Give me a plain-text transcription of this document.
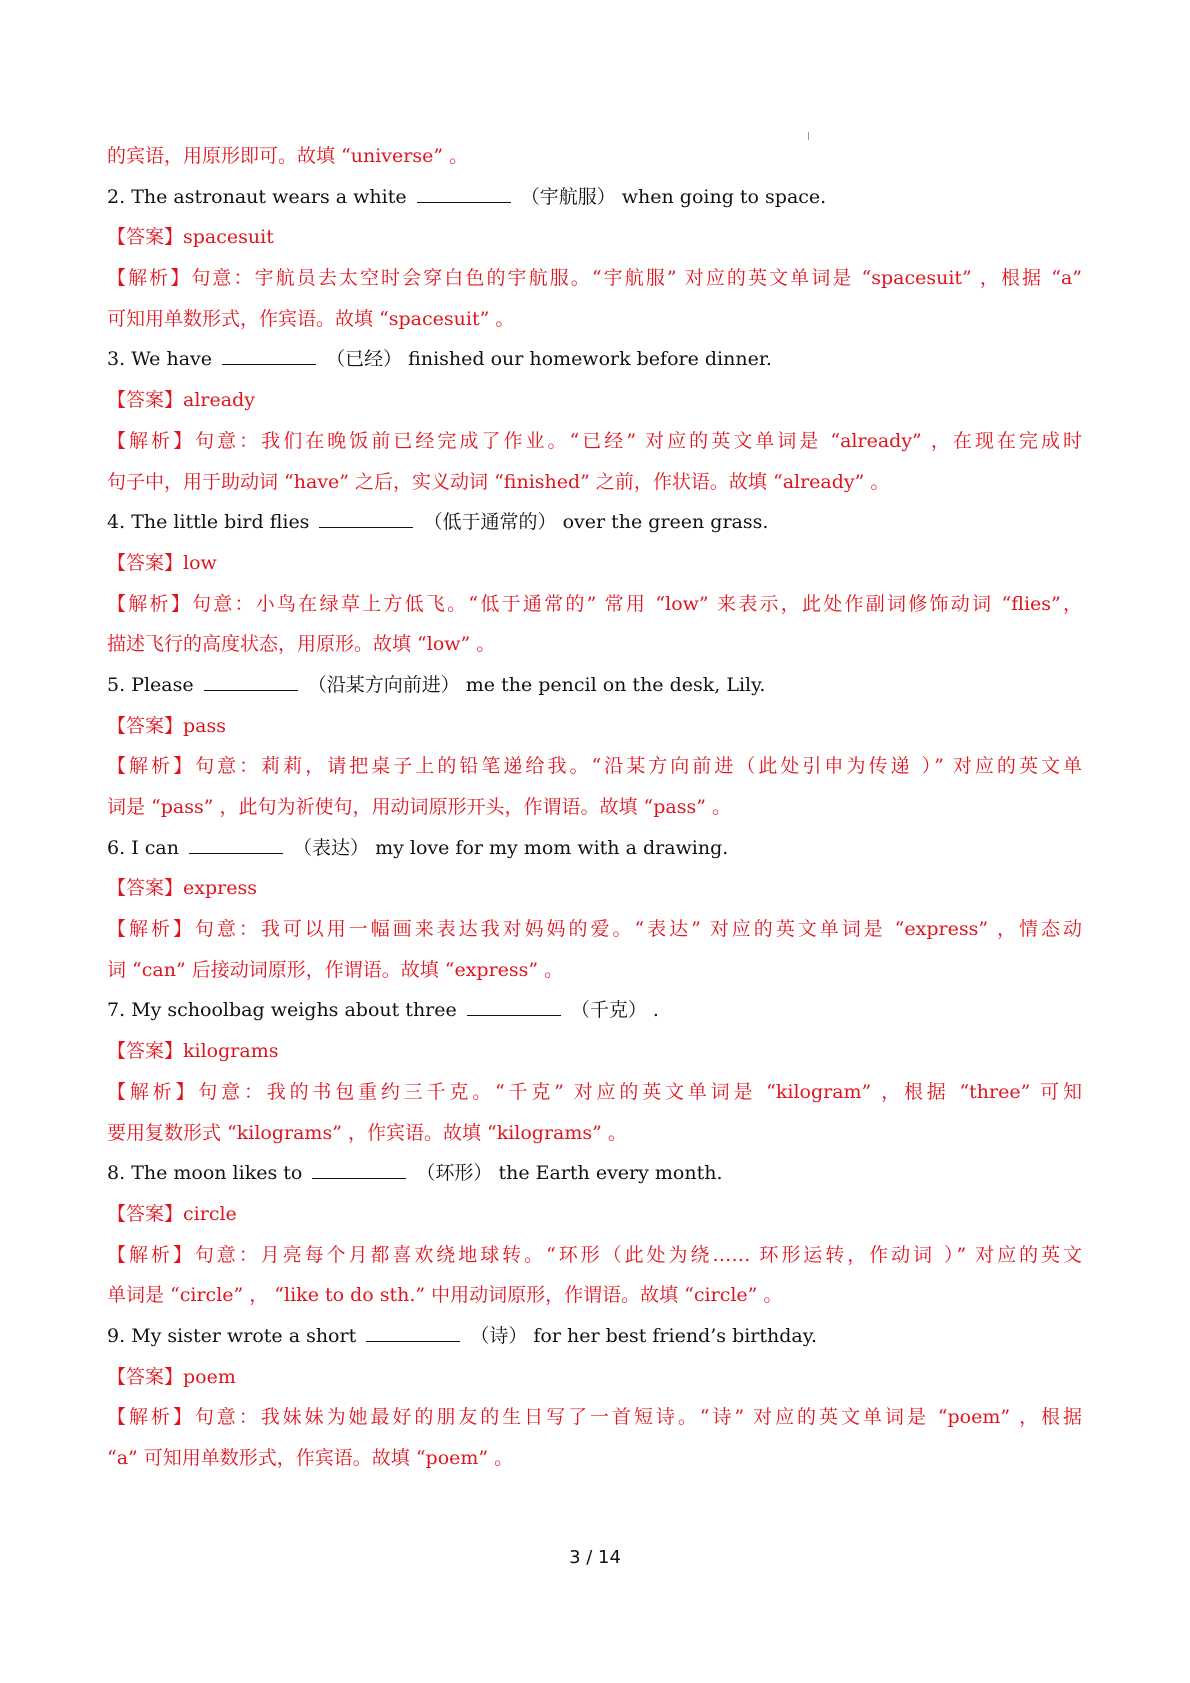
的宾语，用原形即可。故填 “universe” 。
2. The astronaut wears a white	（宇航服） when going to space.
【答案】spacesuit
【解析】句意：宇航员去太空时会穿白色的宇航服。“宇航服” 对应的英文单词是 “spacesuit” ，根据 “a”
可知用单数形式，作宾语。故填 “spacesuit” 。
3. We have	（已经） finished our homework before dinner.
【答案】already
【解析】句意：我们在晚饭前已经完成了作业。“已经” 对应的英文单词是 “already” ，在现在完成时
句子中，用于助动词 “have” 之后，实义动词 “finished” 之前，作状语。故填 “already” 。
4. The little bird flies	（低于通常的） over the green grass.
【答案】low
【解析】句意：小鸟在绿草上方低飞。“低于通常的” 常用 “low” 来表示，此处作副词修饰动词 “flies”，
描述飞行的高度状态，用原形。故填 “low” 。
5. Please	（沿某方向前进） me the pencil on the desk, Lily.
【答案】pass
【解析】句意：莉莉，请把桌子上的铅笔递给我。“沿某方向前进（此处引申为传递 ）” 对应的英文单
词是 “pass” ，此句为祈使句，用动词原形开头，作谓语。故填 “pass” 。
6. I can	（表达） my love for my mom with a drawing.
【答案】express
【解析】句意：我可以用一幅画来表达我对妈妈的爱。“表达” 对应的英文单词是 “express” ，情态动
词 “can” 后接动词原形，作谓语。故填 “express” 。
7. My schoolbag weighs about three	（千克） .
【答案】kilograms
【解析】句意：我的书包重约三千克。“千克” 对应的英文单词是 “kilogram” ，根据 “three” 可知
要用复数形式 “kilograms” ，作宾语。故填 “kilograms” 。
8. The moon likes to	（环形） the Earth every month.
【答案】circle
【解析】句意：月亮每个月都喜欢绕地球转。“环形（此处为绕…… 环形运转，作动词 ）” 对应的英文
单词是 “circle” ， “like to do sth.” 中用动词原形，作谓语。故填 “circle” 。
9. My sister wrote a short	（诗） for her best friend’s birthday.
【答案】poem
【解析】句意：我妹妹为她最好的朋友的生日写了一首短诗。“诗” 对应的英文单词是 “poem” ，根据
“a” 可知用单数形式，作宾语。故填 “poem” 。
3 / 14
